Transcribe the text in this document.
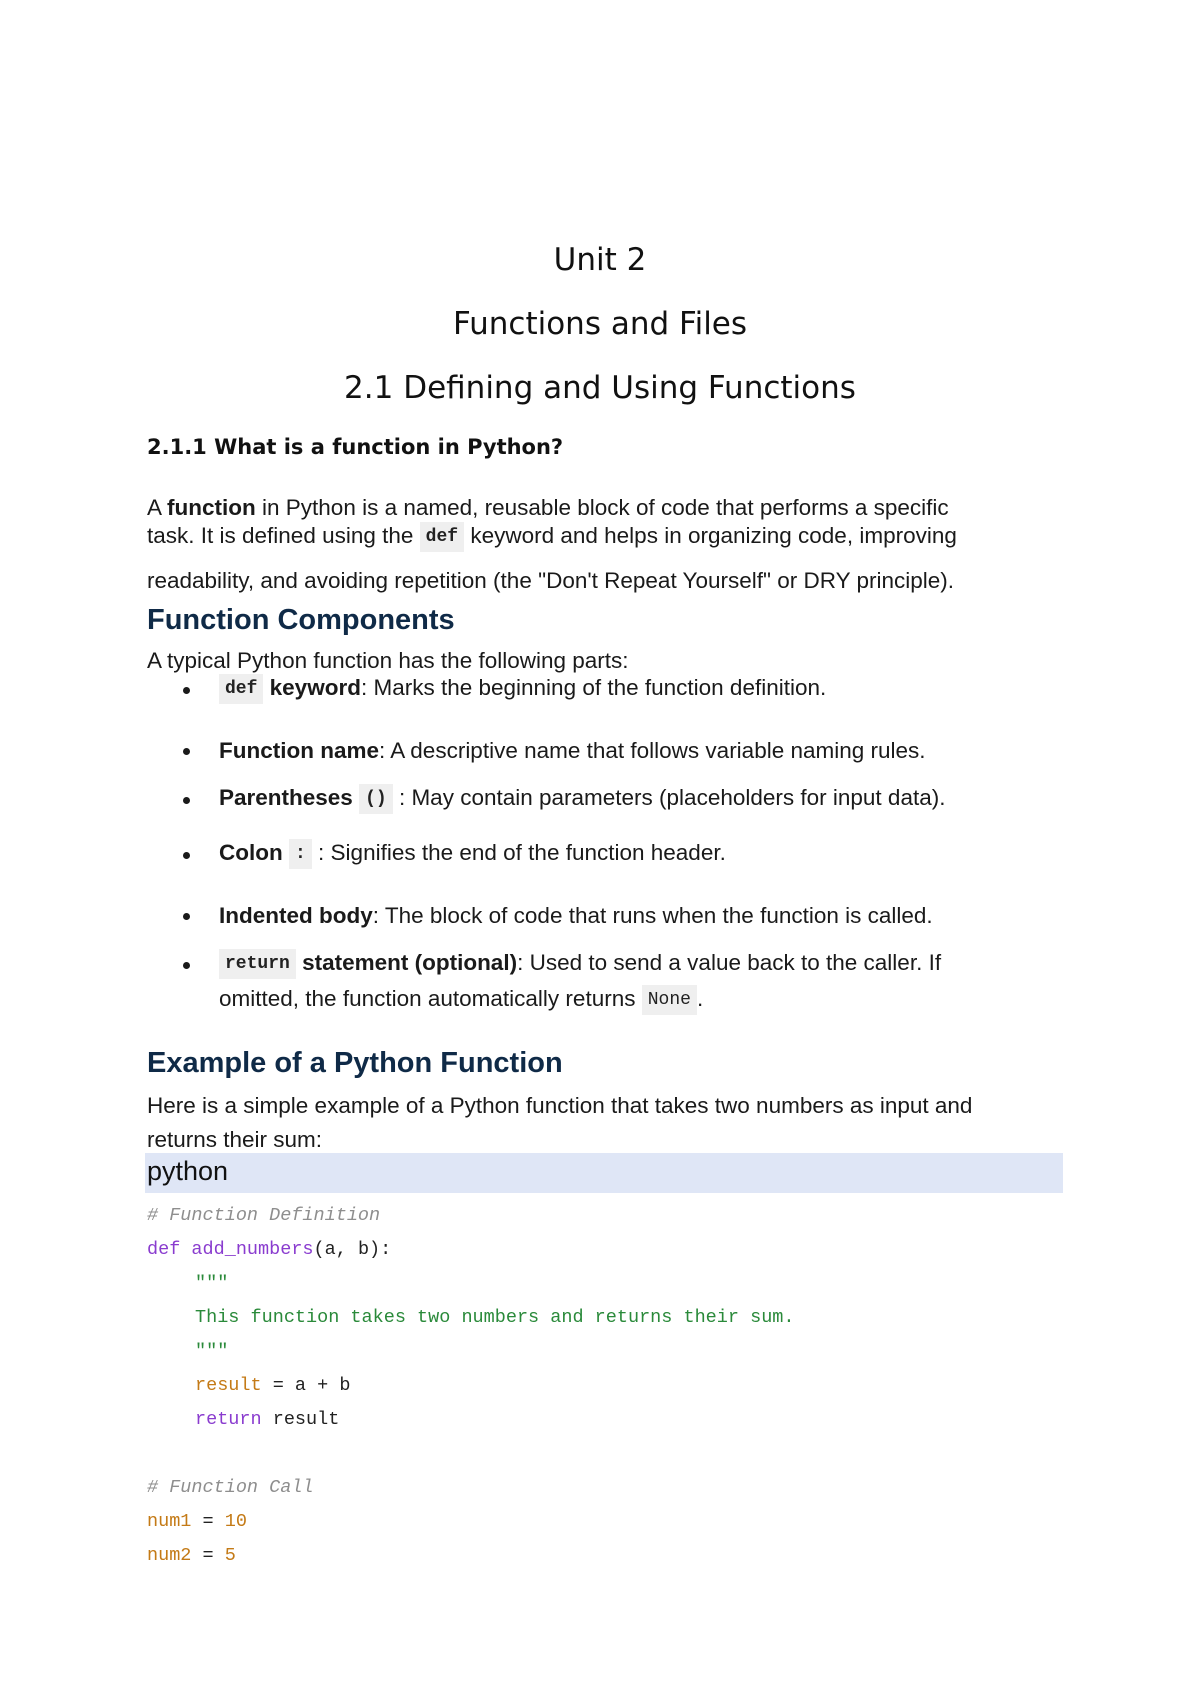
Unit 2
Functions and Files
2.1 Defining and Using Functions
2.1.1 What is a function in Python?
A function in Python is a named, reusable block of code that performs a specific
task. It is defined using the def keyword and helps in organizing code, improving
readability, and avoiding repetition (the "Don't Repeat Yourself" or DRY principle).
Function Components
A typical Python function has the following parts:
def keyword: Marks the beginning of the function definition.
Function name: A descriptive name that follows variable naming rules.
Parentheses () : May contain parameters (placeholders for input data).
Colon : : Signifies the end of the function header.
Indented body: The block of code that runs when the function is called.
return statement (optional): Used to send a value back to the caller. If
omitted, the function automatically returns None .
Example of a Python Function
Here is a simple example of a Python function that takes two numbers as input and
returns their sum:
python
# Function Definition
def add_numbers(a, b):
"""
This function takes two numbers and returns their sum.
"""
result = a + b
return result
# Function Call
num1 = 10
num2 = 5
